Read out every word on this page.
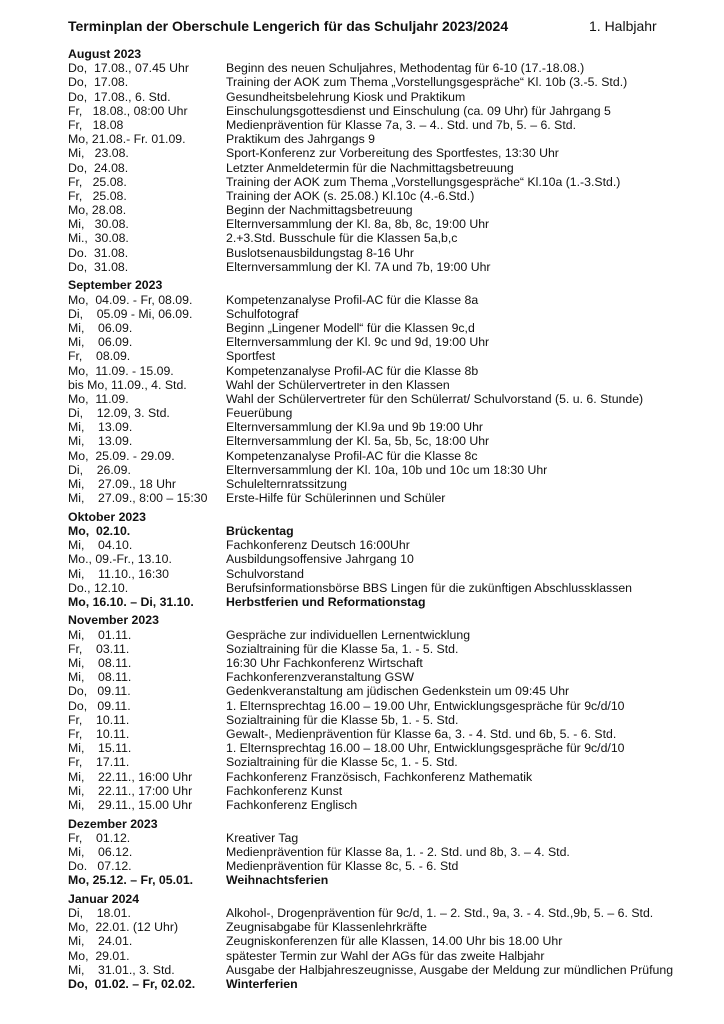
Terminplan der Oberschule Lengerich für das Schuljahr 2023/2024	1. Halbjahr
August 2023
Do,  17.08., 07.45 Uhr	Beginn des neuen Schuljahres, Methodentag für 6-10 (17.-18.08.)
Do,  17.08.	Training der AOK zum Thema „Vorstellungsgespräche“ Kl. 10b (3.-5. Std.)
Do,  17.08., 6. Std.	Gesundheitsbelehrung Kiosk und Praktikum
Fr,   18.08., 08:00 Uhr	Einschulungsgottesdienst und Einschulung (ca. 09 Uhr) für Jahrgang 5
Fr,   18.08	Medienprävention für Klasse 7a, 3. – 4.. Std. und 7b, 5. – 6. Std.
Mo, 21.08.- Fr. 01.09.	Praktikum des Jahrgangs 9
Mi,   23.08.	Sport-Konferenz zur Vorbereitung des Sportfestes, 13:30 Uhr
Do,  24.08.	Letzter Anmeldetermin für die Nachmittagsbetreuung
Fr,   25.08.	Training der AOK zum Thema „Vorstellungsgespräche“ Kl.10a (1.-3.Std.)
Fr,   25.08.	Training der AOK (s. 25.08.) Kl.10c (4.-6.Std.)
Mo, 28.08.	Beginn der Nachmittagsbetreuung
Mi,   30.08.	Elternversammlung der Kl. 8a, 8b, 8c, 19:00 Uhr
Mi.,  30.08.	2.+3.Std. Busschule für die Klassen 5a,b,c
Do.  31.08.	Buslotsenausbildungstag 8-16 Uhr
Do,  31.08.	Elternversammlung der Kl. 7A und 7b, 19:00 Uhr
September 2023
Mo,  04.09. - Fr, 08.09.	Kompetenzanalyse Profil-AC für die Klasse 8a
Di,    05.09 - Mi, 06.09.	Schulfotograf
Mi,    06.09.	Beginn „Lingener Modell“ für die Klassen 9c,d
Mi,    06.09.	Elternversammlung der Kl. 9c und 9d, 19:00 Uhr
Fr,    08.09.	Sportfest
Mo,  11.09. - 15.09.	Kompetenzanalyse Profil-AC für die Klasse 8b
bis Mo, 11.09., 4. Std.	Wahl der Schülervertreter in den Klassen
Mo,  11.09.	Wahl der Schülervertreter für den Schülerrat/ Schulvorstand (5. u. 6. Stunde)
Di,    12.09, 3. Std.	Feuerübung
Mi,    13.09.	Elternversammlung der Kl.9a und 9b 19:00 Uhr
Mi,    13.09.	Elternversammlung der Kl. 5a, 5b, 5c, 18:00 Uhr
Mo,  25.09. - 29.09.	Kompetenzanalyse Profil-AC für die Klasse 8c
Di,    26.09.	Elternversammlung der Kl. 10a, 10b und 10c um 18:30 Uhr
Mi,    27.09., 18 Uhr	Schulelternratssitzung
Mi,    27.09., 8:00 – 15:30	Erste-Hilfe für Schülerinnen und Schüler
Oktober 2023
Mo,  02.10.	Brückentag
Mi,    04.10.	Fachkonferenz Deutsch 16:00Uhr
Mo., 09.-Fr., 13.10.	Ausbildungsoffensive Jahrgang 10
Mi,    11.10., 16:30	Schulvorstand
Do., 12.10.	Berufsinformationsbörse BBS Lingen für die zukünftigen Abschlussklassen
Mo, 16.10. – Di, 31.10.	Herbstferien und Reformationstag
November 2023
Mi,    01.11.	Gespräche zur individuellen Lernentwicklung
Fr,    03.11.	Sozialtraining für die Klasse 5a, 1. - 5. Std.
Mi,    08.11.	16:30 Uhr Fachkonferenz Wirtschaft
Mi,    08.11.	Fachkonferenzveranstaltung GSW
Do,   09.11.	Gedenkveranstaltung am jüdischen Gedenkstein um 09:45 Uhr
Do,   09.11.	1. Elternsprechtag 16.00 – 19.00 Uhr, Entwicklungsgespräche für 9c/d/10
Fr,    10.11.	Sozialtraining für die Klasse 5b, 1. - 5. Std.
Fr,    10.11.	Gewalt-, Medienprävention für Klasse 6a, 3. - 4. Std. und 6b, 5. - 6. Std.
Mi,    15.11.	1. Elternsprechtag 16.00 – 18.00 Uhr, Entwicklungsgespräche für 9c/d/10
Fr,    17.11.	Sozialtraining für die Klasse 5c, 1. - 5. Std.
Mi,    22.11., 16:00 Uhr	Fachkonferenz Französisch, Fachkonferenz Mathematik
Mi,    22.11., 17:00 Uhr	Fachkonferenz Kunst
Mi,    29.11., 15.00 Uhr	Fachkonferenz Englisch
Dezember 2023
Fr,    01.12.	Kreativer Tag
Mi,    06.12.	Medienprävention für Klasse 8a, 1. - 2. Std. und 8b, 3. – 4. Std.
Do.   07.12.	Medienprävention für Klasse 8c, 5. - 6. Std
Mo, 25.12. – Fr, 05.01.	Weihnachtsferien
Januar 2024
Di,    18.01.	Alkohol-, Drogenprävention für 9c/d, 1. – 2. Std., 9a, 3. - 4. Std.,9b, 5. – 6. Std.
Mo,  22.01. (12 Uhr)	Zeugnisabgabe für Klassenlehrkräfte
Mi,    24.01.	Zeugniskonferenzen für alle Klassen, 14.00 Uhr bis 18.00 Uhr
Mo,  29.01.	spätester Termin zur Wahl der AGs für das zweite Halbjahr
Mi,    31.01., 3. Std.	Ausgabe der Halbjahreszeugnisse, Ausgabe der Meldung zur mündlichen Prüfung
Do,  01.02. – Fr, 02.02.	Winterferien
